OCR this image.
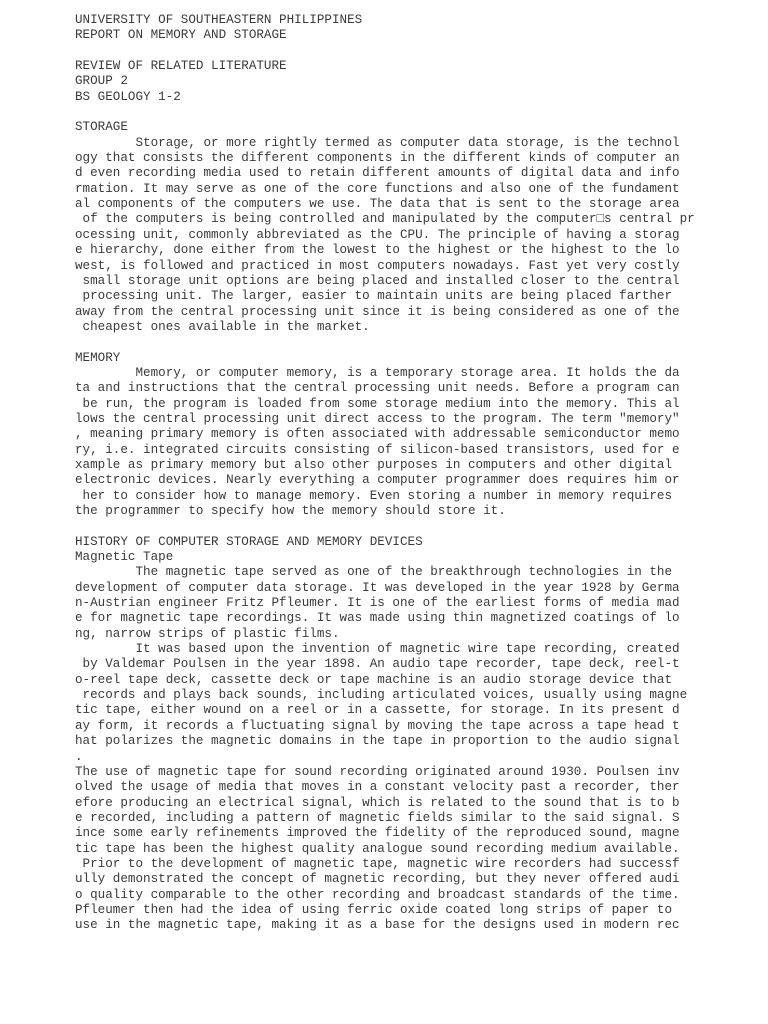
UNIVERSITY OF SOUTHEASTERN PHILIPPINES
REPORT ON MEMORY AND STORAGE
REVIEW OF RELATED LITERATURE
GROUP 2
BS GEOLOGY 1-2
STORAGE
Storage, or more rightly termed as computer data storage, is the technol
ogy that consists the different components in the different kinds of computer an
d even recording media used to retain different amounts of digital data and info
rmation. It may serve as one of the core functions and also one of the fundament
al components of the computers we use. The data that is sent to the storage area
of the computers is being controlled and manipulated by the computer□s central pr
ocessing unit, commonly abbreviated as the CPU. The principle of having a storag
e hierarchy, done either from the lowest to the highest or the highest to the lo
west, is followed and practiced in most computers nowadays. Fast yet very costly
small storage unit options are being placed and installed closer to the central
processing unit. The larger, easier to maintain units are being placed farther
away from the central processing unit since it is being considered as one of the
cheapest ones available in the market.
MEMORY
Memory, or computer memory, is a temporary storage area. It holds the da
ta and instructions that the central processing unit needs. Before a program can
be run, the program is loaded from some storage medium into the memory. This al
lows the central processing unit direct access to the program. The term "memory"
, meaning primary memory is often associated with addressable semiconductor memo
ry, i.e. integrated circuits consisting of silicon-based transistors, used for e
xample as primary memory but also other purposes in computers and other digital
electronic devices. Nearly everything a computer programmer does requires him or
her to consider how to manage memory. Even storing a number in memory requires
the programmer to specify how the memory should store it.
HISTORY OF COMPUTER STORAGE AND MEMORY DEVICES
Magnetic Tape
The magnetic tape served as one of the breakthrough technologies in the
development of computer data storage. It was developed in the year 1928 by Germa
n-Austrian engineer Fritz Pfleumer. It is one of the earliest forms of media mad
e for magnetic tape recordings. It was made using thin magnetized coatings of lo
ng, narrow strips of plastic films.
It was based upon the invention of magnetic wire tape recording, created
by Valdemar Poulsen in the year 1898. An audio tape recorder, tape deck, reel-t
o-reel tape deck, cassette deck or tape machine is an audio storage device that
records and plays back sounds, including articulated voices, usually using magne
tic tape, either wound on a reel or in a cassette, for storage. In its present d
ay form, it records a fluctuating signal by moving the tape across a tape head t
hat polarizes the magnetic domains in the tape in proportion to the audio signal
.
The use of magnetic tape for sound recording originated around 1930. Poulsen inv
olved the usage of media that moves in a constant velocity past a recorder, ther
efore producing an electrical signal, which is related to the sound that is to b
e recorded, including a pattern of magnetic fields similar to the said signal. S
ince some early refinements improved the fidelity of the reproduced sound, magne
tic tape has been the highest quality analogue sound recording medium available.
Prior to the development of magnetic tape, magnetic wire recorders had successf
ully demonstrated the concept of magnetic recording, but they never offered audi
o quality comparable to the other recording and broadcast standards of the time.
Pfleumer then had the idea of using ferric oxide coated long strips of paper to
use in the magnetic tape, making it as a base for the designs used in modern rec
